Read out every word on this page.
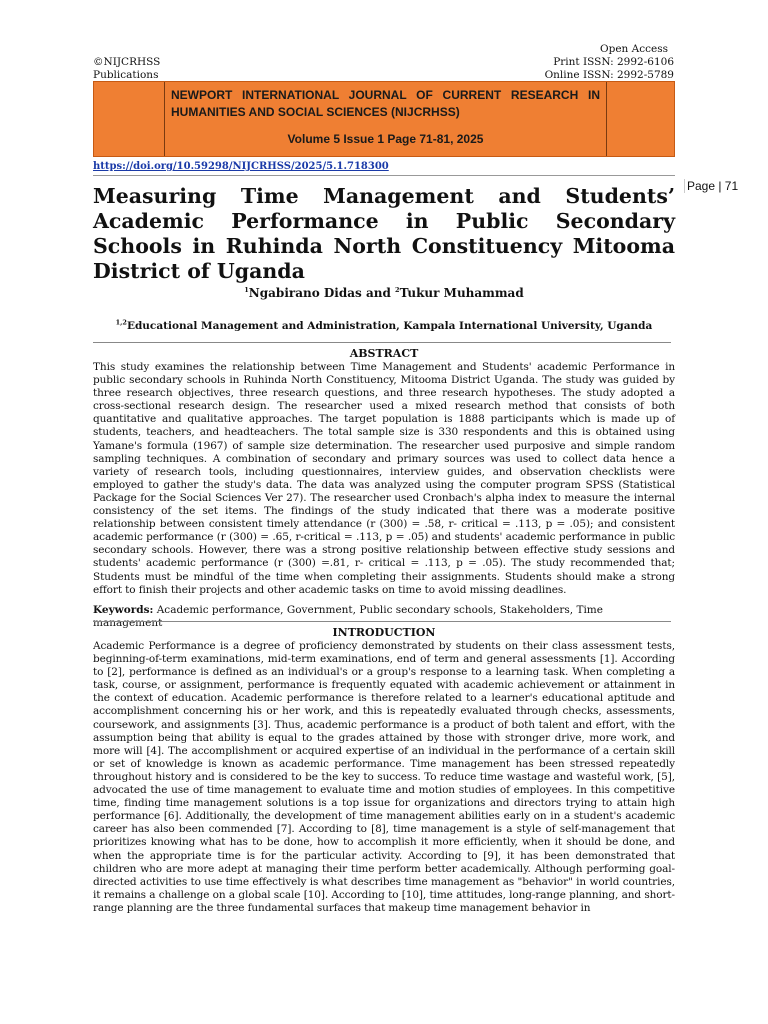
©NIJCRHSS
Publications
Open Access
Print ISSN: 2992-6106
Online ISSN: 2992-5789
NEWPORT INTERNATIONAL JOURNAL OF CURRENT RESEARCH IN
HUMANITIES AND SOCIAL SCIENCES (NIJCRHSS)
Volume 5 Issue 1 Page 71-81, 2025
https://doi.org/10.59298/NIJCRHSS/2025/5.1.718300
Page | 71
Measuring Time Management and Students’ Academic Performance in Public Secondary Schools in Ruhinda North Constituency Mitooma District of Uganda
$^1$Ngabirano Didas and $^2$Tukur Muhammad
$^{1,2}$Educational Management and Administration, Kampala International University, Uganda
ABSTRACT

This study examines the relationship between Time Management and Students' academic Performance in public secondary schools in Ruhinda North Constituency, Mitooma District Uganda. The study was guided by three research objectives, three research questions, and three research hypotheses. The study adopted a cross-sectional research design. The researcher used a mixed research method that consists of both quantitative and qualitative approaches. The target population is 1888 participants which is made up of students, teachers, and headteachers. The total sample size is 330 respondents and this is obtained using Yamane's formula (1967) of sample size determination. The researcher used purposive and simple random sampling techniques. A combination of secondary and primary sources was used to collect data hence a variety of research tools, including questionnaires, interview guides, and observation checklists were employed to gather the study's data. The data was analyzed using the computer program SPSS (Statistical Package for the Social Sciences Ver 27). The researcher used Cronbach's alpha index to measure the internal consistency of the set items. The findings of the study indicated that there was a moderate positive relationship between consistent timely attendance (r (300) = .58, r- critical = .113, p = .05); and consistent academic performance (r (300) = .65, r-critical = .113, p = .05) and students' academic performance in public secondary schools. However, there was a strong positive relationship between effective study sessions and students' academic performance (r (300) =.81, r- critical = .113, p = .05). The study recommended that; Students must be mindful of the time when completing their assignments. Students should make a strong effort to finish their projects and other academic tasks on time to avoid missing deadlines.

Keywords: Academic performance, Government, Public secondary schools, Stakeholders, Time management
INTRODUCTION

Academic Performance is a degree of proficiency demonstrated by students on their class assessment tests, beginning-of-term examinations, mid-term examinations, end of term and general assessments [1]. According to [2], performance is defined as an individual's or a group's response to a learning task. When completing a task, course, or assignment, performance is frequently equated with academic achievement or attainment in the context of education. Academic performance is therefore related to a learner's educational aptitude and accomplishment concerning his or her work, and this is repeatedly evaluated through checks, assessments, coursework, and assignments [3]. Thus, academic performance is a product of both talent and effort, with the assumption being that ability is equal to the grades attained by those with stronger drive, more work, and more will [4]. The accomplishment or acquired expertise of an individual in the performance of a certain skill or set of knowledge is known as academic performance. Time management has been stressed repeatedly throughout history and is considered to be the key to success. To reduce time wastage and wasteful work, [5], advocated the use of time management to evaluate time and motion studies of employees. In this competitive time, finding time management solutions is a top issue for organizations and directors trying to attain high performance [6]. Additionally, the development of time management abilities early on in a student's academic career has also been commended [7]. According to [8], time management is a style of self-management that prioritizes knowing what has to be done, how to accomplish it more efficiently, when it should be done, and when the appropriate time is for the particular activity. According to [9], it has been demonstrated that children who are more adept at managing their time perform better academically. Although performing goal-directed activities to use time effectively is what describes time management as "behavior" in world countries, it remains a challenge on a global scale [10]. According to [10], time attitudes, long-range planning, and short-range planning are the three fundamental surfaces that makeup time management behavior in
